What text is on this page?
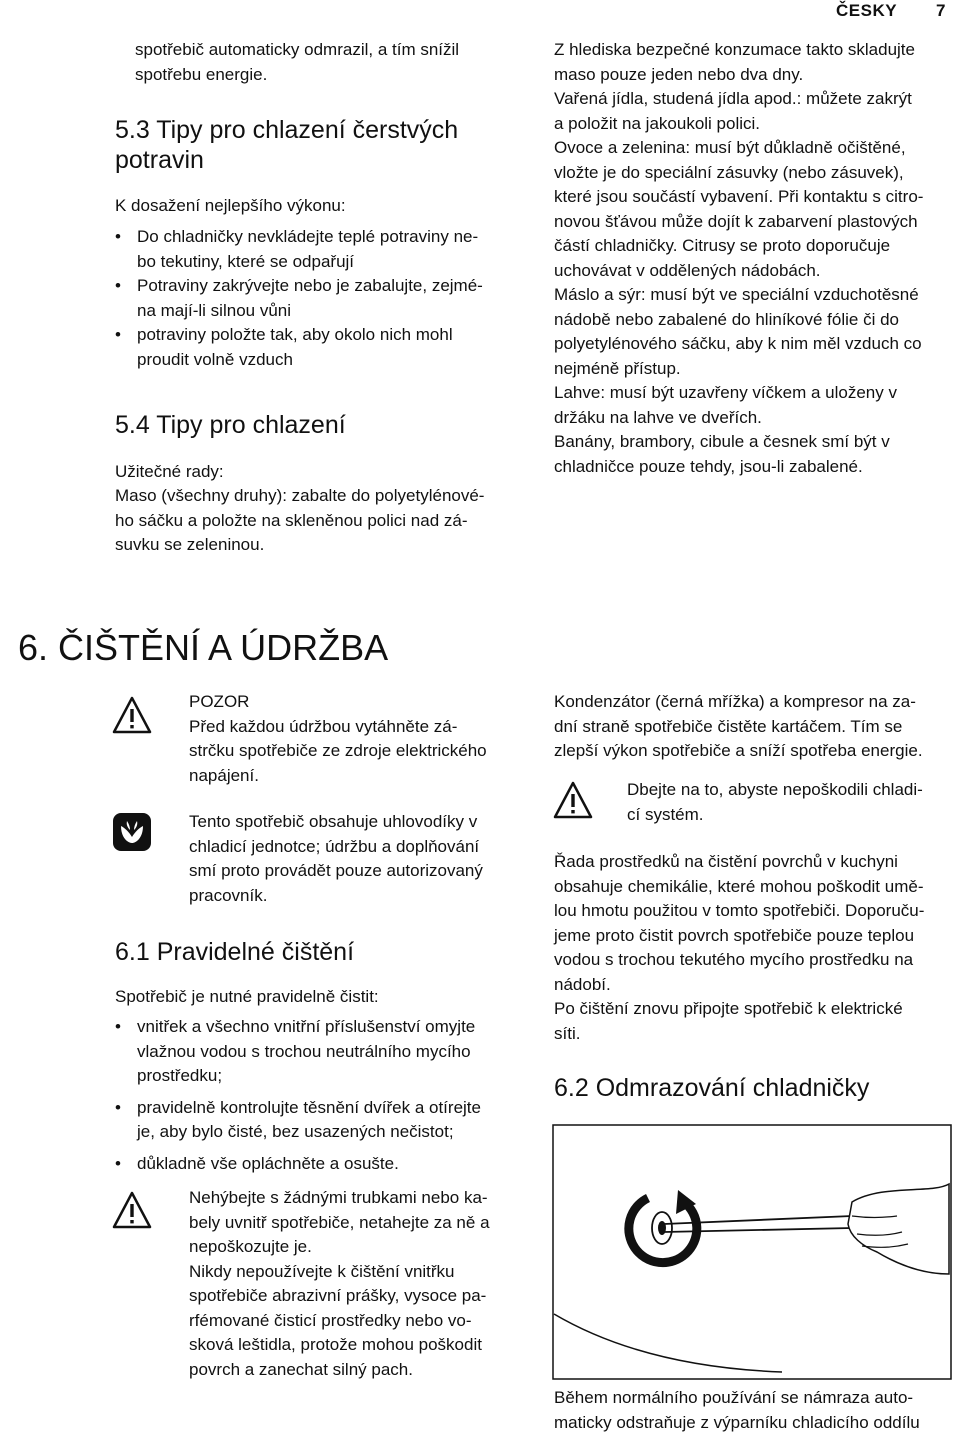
ČESKY 7

spotřebič automaticky odmrazil, a tím snížil

spotřebu energie.

5.3 Tipy pro chlazení čerstvých

potravin

K dosažení nejlepšího výkonu:
• Do chladničky nevkládejte teplé potraviny ne-

bo tekutiny, které se odpařují

• Potraviny zakrývejte nebo je zabalujte, zejmé-

na mají-li silnou vůni

• potraviny položte tak, aby okolo nich mohl

proudit volně vzduch

5.4 Tipy pro chlazení
Užitečné rady:

Maso (všechny druhy): zabalte do polyetylénové-

ho sáčku a položte na skleněnou polici nad zá-

suvku se zeleninou.

Z hlediska bezpečné konzumace takto skladujte

maso pouze jeden nebo dva dny.

Vařená jídla, studená jídla apod.: můžete zakrýt

a položit na jakoukoli polici.

Ovoce a zelenina: musí být důkladně očištěné,

vložte je do speciální zásuvky (nebo zásuvek),

které jsou součástí vybavení. Při kontaktu s citro-

novou šťávou může dojít k zabarvení plastových

částí chladničky. Citrusy se proto doporučuje

uchovávat v oddělených nádobách.

Máslo a sýr: musí být ve speciální vzduchotěsné

nádobě nebo zabalené do hliníkové fólie či do

polyetylénového sáčku, aby k nim měl vzduch co

nejméně přístup.

Lahve: musí být uzavřeny víčkem a uloženy v

držáku na lahve ve dveřích.

Banány, brambory, cibule a česnek smí být v

chladničce pouze tehdy, jsou-li zabalené.

6. ČIŠTĚNÍ A ÚDRŽBA

POZOR

Před každou údržbou vytáhněte zá-

strčku spotřebiče ze zdroje elektrického

napájení.

Tento spotřebič obsahuje uhlovodíky v

chladicí jednotce; údržbu a doplňování

smí proto provádět pouze autorizovaný

pracovník.

6.1 Pravidelné čištění
Spotřebič je nutné pravidelně čistit:
• vnitřek a všechno vnitřní příslušenství omyjte

vlažnou vodou s trochou neutrálního mycího

prostředku;

• pravidelně kontrolujte těsnění dvířek a otírejte

je, aby bylo čisté, bez usazených nečistot;

• důkladně vše opláchněte a osušte.

Nehýbejte s žádnými trubkami nebo ka-

bely uvnitř spotřebiče, netahejte za ně a

nepoškozujte je.

Nikdy nepoužívejte k čištění vnitřku

spotřebiče abrazivní prášky, vysoce pa-

rfémované čisticí prostředky nebo vo-

sková leštidla, protože mohou poškodit

povrch a zanechat silný pach.

Kondenzátor (černá mřížka) a kompresor na za-

dní straně spotřebiče čistěte kartáčem. Tím se

zlepší výkon spotřebiče a sníží spotřeba energie.

Dbejte na to, abyste nepoškodili chladi-

cí systém.

Řada prostředků na čistění povrchů v kuchyni

obsahuje chemikálie, které mohou poškodit umě-

lou hmotu použitou v tomto spotřebiči. Doporuču-

jeme proto čistit povrch spotřebiče pouze teplou

vodou s trochou tekutého mycího prostředku na

nádobí.

Po čištění znovu připojte spotřebič k elektrické

síti.

6.2 Odmrazování chladničky

Během normálního používání se námraza auto-

maticky odstraňuje z výparníku chladicího oddílu
